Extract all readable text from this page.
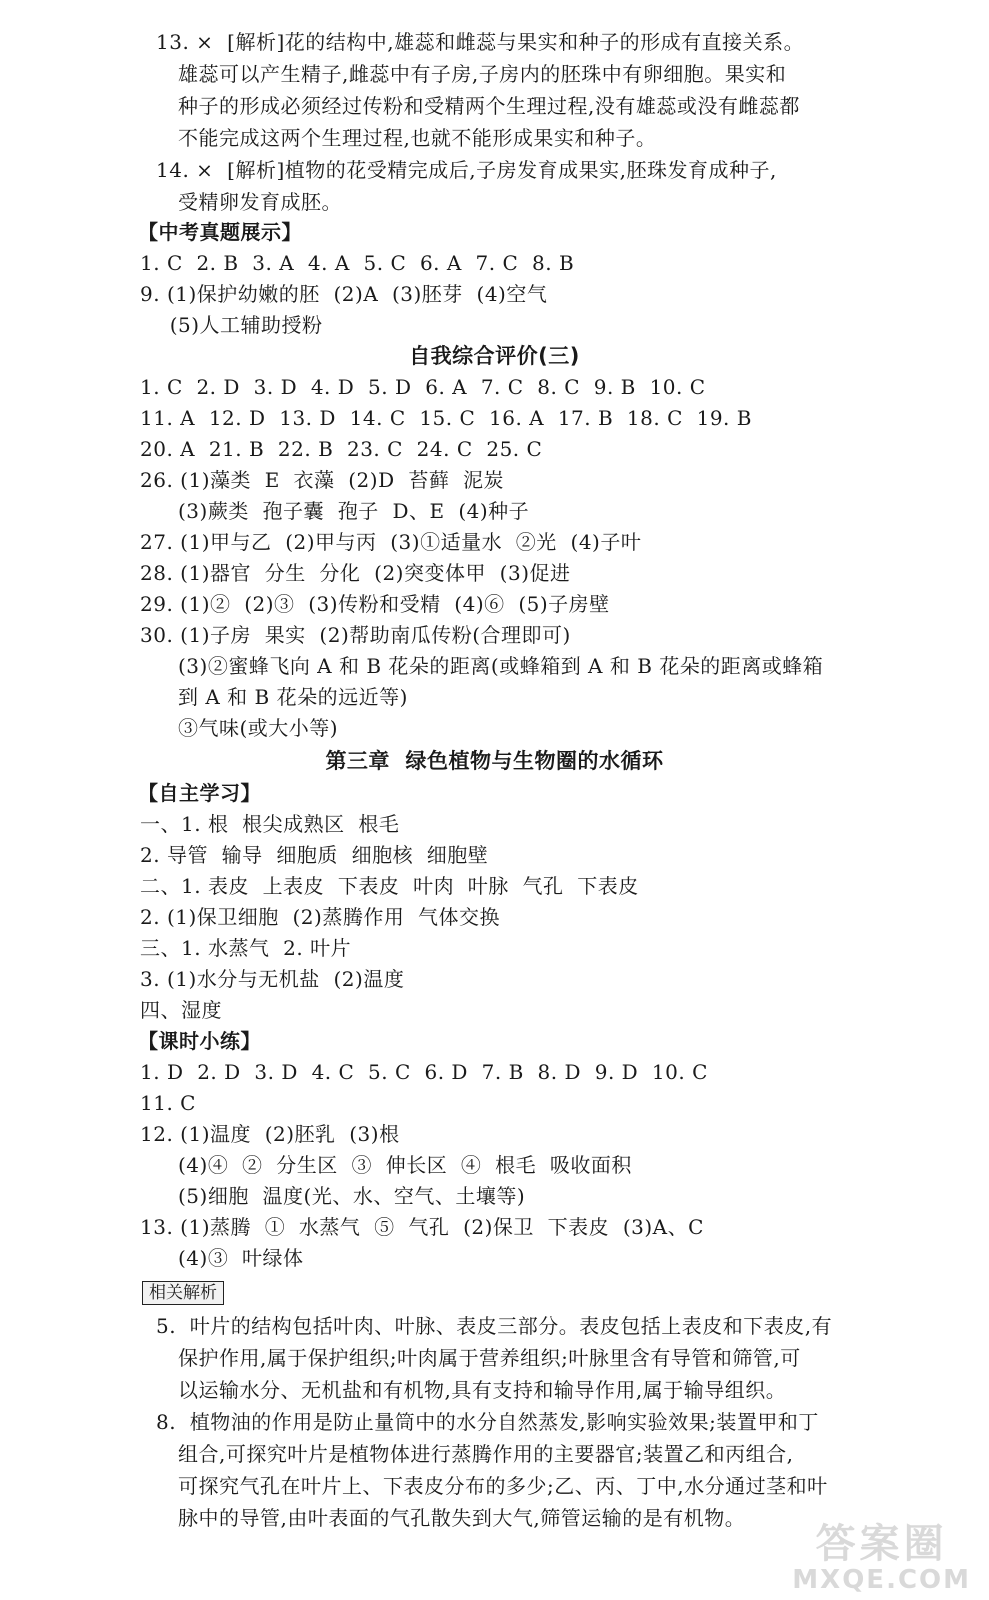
自我综合评价(三)
第三章  绿色植物与生物圈的水循环
相关解析
答案圈
MXQE.COM
13. ×  [解析]花的结构中,雄蕊和雌蕊与果实和种子的形成有直接关系。
雄蕊可以产生精子,雌蕊中有子房,子房内的胚珠中有卵细胞。果实和
种子的形成必须经过传粉和受精两个生理过程,没有雄蕊或没有雌蕊都
不能完成这两个生理过程,也就不能形成果实和种子。
14. ×  [解析]植物的花受精完成后,子房发育成果实,胚珠发育成种子,
受精卵发育成胚。
【中考真题展示】
1. C  2. B  3. A  4. A  5. C  6. A  7. C  8. B
9. (1)保护幼嫩的胚  (2)A  (3)胚芽  (4)空气
(5)人工辅助授粉
1. C  2. D  3. D  4. D  5. D  6. A  7. C  8. C  9. B  10. C
11. A  12. D  13. D  14. C  15. C  16. A  17. B  18. C  19. B
20. A  21. B  22. B  23. C  24. C  25. C
26. (1)藻类  E  衣藻  (2)D  苔藓  泥炭
(3)蕨类  孢子囊  孢子  D、E  (4)种子
27. (1)甲与乙  (2)甲与丙  (3)①适量水  ②光  (4)子叶
28. (1)器官  分生  分化  (2)突变体甲  (3)促进
29. (1)②  (2)③  (3)传粉和受精  (4)⑥  (5)子房壁
30. (1)子房  果实  (2)帮助南瓜传粉(合理即可)
(3)②蜜蜂飞向 A 和 B 花朵的距离(或蜂箱到 A 和 B 花朵的距离或蜂箱
到 A 和 B 花朵的远近等)
③气味(或大小等)
【自主学习】
一、1. 根  根尖成熟区  根毛
2. 导管  输导  细胞质  细胞核  细胞壁
二、1. 表皮  上表皮  下表皮  叶肉  叶脉  气孔  下表皮
2. (1)保卫细胞  (2)蒸腾作用  气体交换
三、1. 水蒸气  2. 叶片
3. (1)水分与无机盐  (2)温度
四、湿度
【课时小练】
1. D  2. D  3. D  4. C  5. C  6. D  7. B  8. D  9. D  10. C
11. C
12. (1)温度  (2)胚乳  (3)根
(4)④  ②  分生区  ③  伸长区  ④  根毛  吸收面积
(5)细胞  温度(光、水、空气、土壤等)
13. (1)蒸腾  ①  水蒸气  ⑤  气孔  (2)保卫  下表皮  (3)A、C
(4)③  叶绿体
5.  叶片的结构包括叶肉、叶脉、表皮三部分。表皮包括上表皮和下表皮,有
保护作用,属于保护组织;叶肉属于营养组织;叶脉里含有导管和筛管,可
以运输水分、无机盐和有机物,具有支持和输导作用,属于输导组织。
8.  植物油的作用是防止量筒中的水分自然蒸发,影响实验效果;装置甲和丁
组合,可探究叶片是植物体进行蒸腾作用的主要器官;装置乙和丙组合,
可探究气孔在叶片上、下表皮分布的多少;乙、丙、丁中,水分通过茎和叶
脉中的导管,由叶表面的气孔散失到大气,筛管运输的是有机物。
